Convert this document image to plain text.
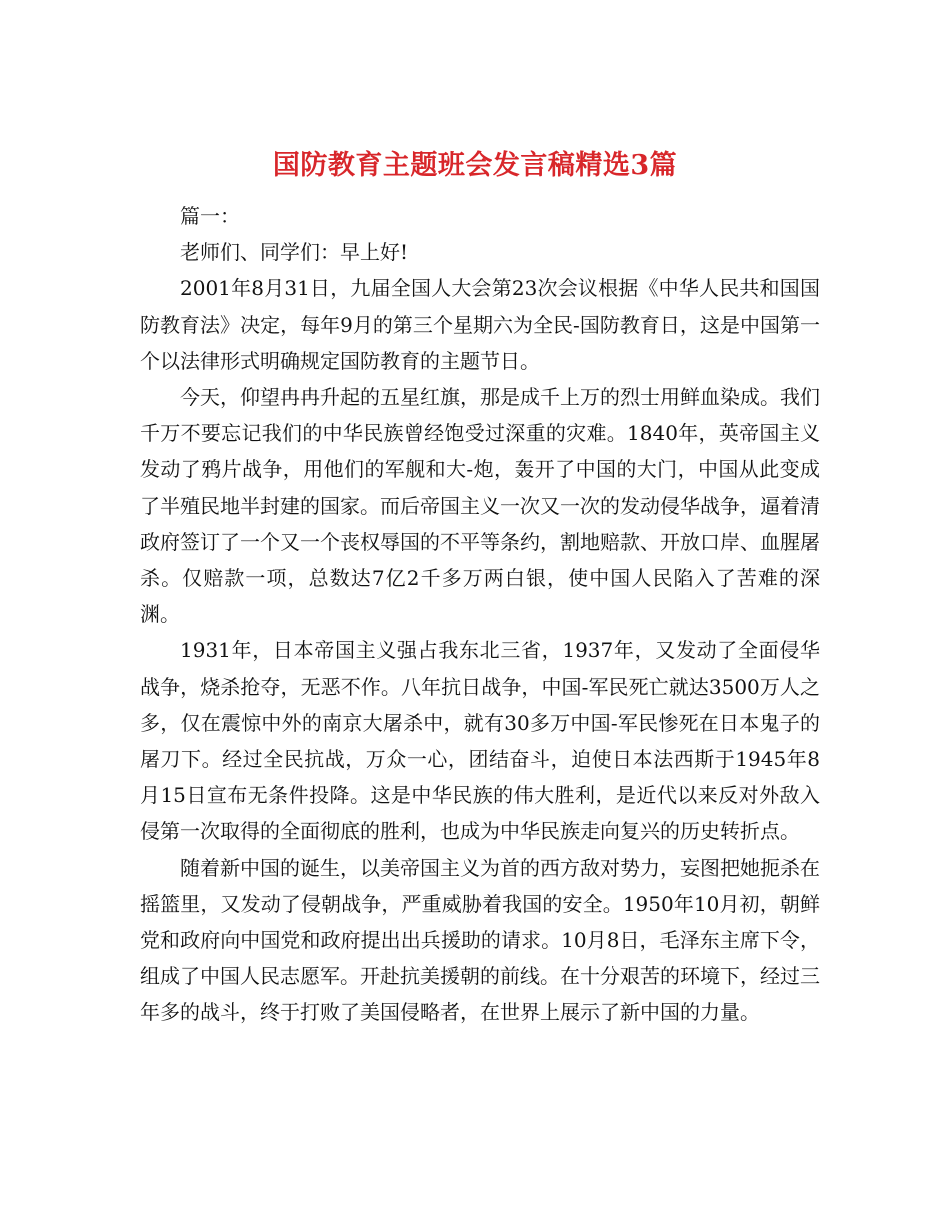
国防教育主题班会发言稿精选3篇

篇一：

老师们、同学们：早上好!

2001年8月31日，九届全国人大会第23次会议根据《中华人民共和国国防教育法》决定，每年9月的第三个星期六为全民-国防教育日，这是中国第一个以法律形式明确规定国防教育的主题节日。

今天，仰望冉冉升起的五星红旗，那是成千上万的烈士用鲜血染成。我们千万不要忘记我们的中华民族曾经饱受过深重的灾难。1840年，英帝国主义发动了鸦片战争，用他们的军舰和大-炮，轰开了中国的大门，中国从此变成了半殖民地半封建的国家。而后帝国主义一次又一次的发动侵华战争，逼着清政府签订了一个又一个丧权辱国的不平等条约，割地赔款、开放口岸、血腥屠杀。仅赔款一项，总数达7亿2千多万两白银，使中国人民陷入了苦难的深渊。

1931年，日本帝国主义强占我东北三省，1937年，又发动了全面侵华战争，烧杀抢夺，无恶不作。八年抗日战争，中国-军民死亡就达3500万人之多，仅在震惊中外的南京大屠杀中，就有30多万中国-军民惨死在日本鬼子的屠刀下。经过全民抗战，万众一心，团结奋斗，迫使日本法西斯于1945年8月15日宣布无条件投降。这是中华民族的伟大胜利，是近代以来反对外敌入侵第一次取得的全面彻底的胜利，也成为中华民族走向复兴的历史转折点。

随着新中国的诞生，以美帝国主义为首的西方敌对势力，妄图把她扼杀在摇篮里，又发动了侵朝战争，严重威胁着我国的安全。1950年10月初，朝鲜党和政府向中国党和政府提出出兵援助的请求。10月8日，毛泽东主席下令，组成了中国人民志愿军。开赴抗美援朝的前线。在十分艰苦的环境下，经过三年多的战斗，终于打败了美国侵略者，在世界上展示了新中国的力量。
